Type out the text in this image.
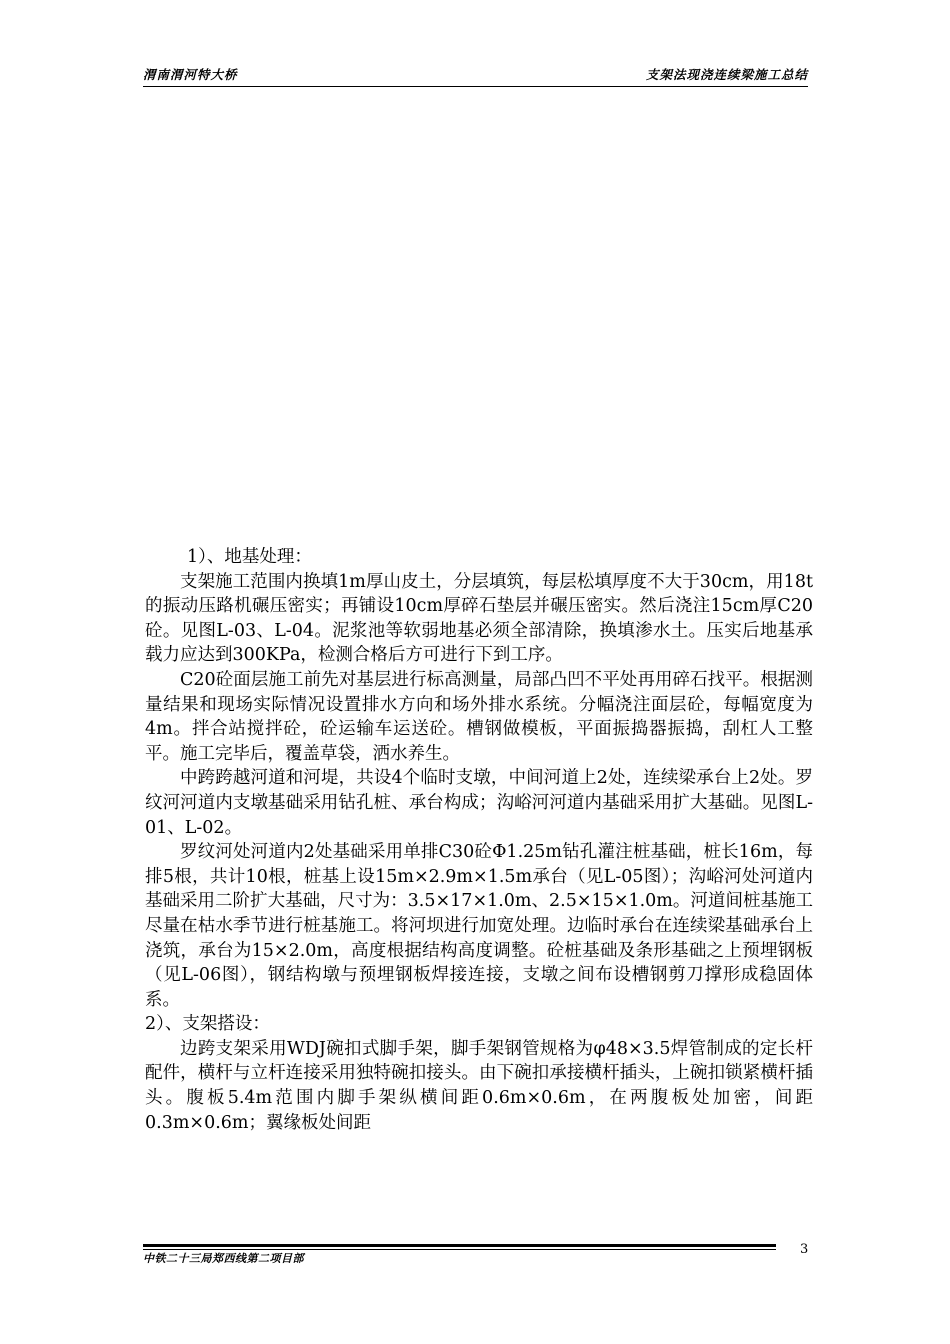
渭南渭河特大桥	支架法现浇连续梁施工总结

1）、地基处理：

支架施工范围内换填1m厚山皮土，分层填筑，每层松填厚度不大于30cm，用18t的振动压路机碾压密实；再铺设10cm厚碎石垫层并碾压密实。然后浇注15cm厚C20砼。见图L-03、L-04。泥浆池等软弱地基必须全部清除，换填渗水土。压实后地基承载力应达到300KPa，检测合格后方可进行下到工序。

C20砼面层施工前先对基层进行标高测量，局部凸凹不平处再用碎石找平。根据测量结果和现场实际情况设置排水方向和场外排水系统。分幅浇注面层砼，每幅宽度为4m。拌合站搅拌砼，砼运输车运送砼。槽钢做模板，平面振捣器振捣，刮杠人工整平。施工完毕后，覆盖草袋，洒水养生。

中跨跨越河道和河堤，共设4个临时支墩，中间河道上2处，连续梁承台上2处。罗纹河河道内支墩基础采用钻孔桩、承台构成；沟峪河河道内基础采用扩大基础。见图L-01、L-02。

罗纹河处河道内2处基础采用单排C30砼Φ1.25m钻孔灌注桩基础，桩长16m，每排5根，共计10根，桩基上设15m×2.9m×1.5m承台（见L-05图）；沟峪河处河道内基础采用二阶扩大基础，尺寸为：3.5×17×1.0m、2.5×15×1.0m。河道间桩基施工尽量在枯水季节进行桩基施工。将河坝进行加宽处理。边临时承台在连续梁基础承台上浇筑，承台为15×2.0m，高度根据结构高度调整。砼桩基础及条形基础之上预埋钢板（见L-06图），钢结构墩与预埋钢板焊接连接，支墩之间布设槽钢剪刀撑形成稳固体系。

2）、支架搭设：

边跨支架采用WDJ碗扣式脚手架，脚手架钢管规格为φ48×3.5焊管制成的定长杆配件，横杆与立杆连接采用独特碗扣接头。由下碗扣承接横杆插头，上碗扣锁紧横杆插头。腹板5.4m范围内脚手架纵横间距0.6m×0.6m，在两腹板处加密，间距0.3m×0.6m；翼缘板处间距

中铁二十三局郑西线第二项目部
3
